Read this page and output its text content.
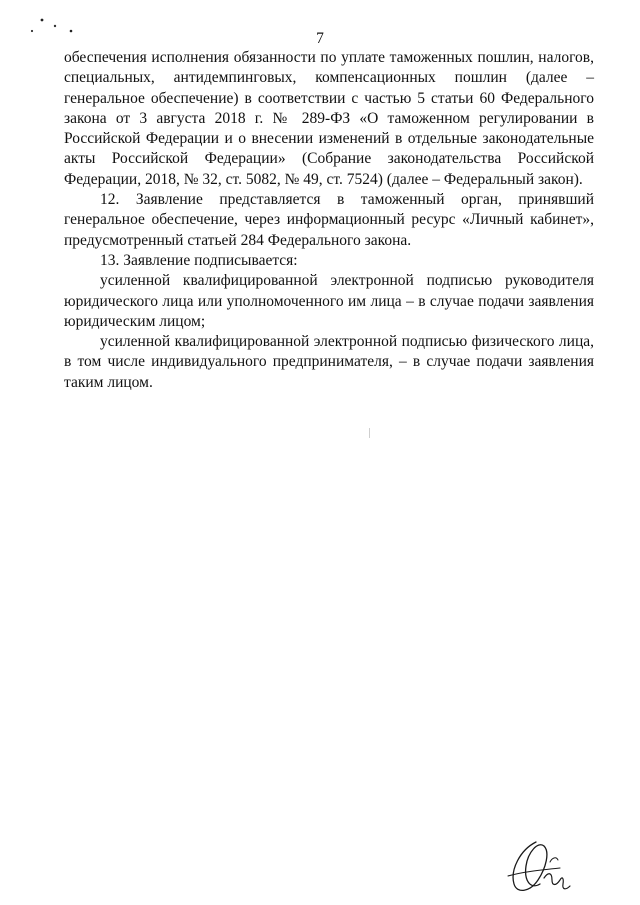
7

обеспечения исполнения обязанности по уплате таможенных пошлин, налогов, специальных, антидемпинговых, компенсационных пошлин (далее – генеральное обеспечение) в соответствии с частью 5 статьи 60 Федерального закона от 3 августа 2018 г. № 289-ФЗ «О таможенном регулировании в Российской Федерации и о внесении изменений в отдельные законодательные акты Российской Федерации» (Собрание законодательства Российской Федерации, 2018, № 32, ст. 5082, № 49, ст. 7524) (далее – Федеральный закон).

12. Заявление представляется в таможенный орган, принявший генеральное обеспечение, через информационный ресурс «Личный кабинет», предусмотренный статьей 284 Федерального закона.

13. Заявление подписывается:

усиленной квалифицированной электронной подписью руководителя юридического лица или уполномоченного им лица – в случае подачи заявления юридическим лицом;

усиленной квалифицированной электронной подписью физического лица, в том числе индивидуального предпринимателя, – в случае подачи заявления таким лицом.
